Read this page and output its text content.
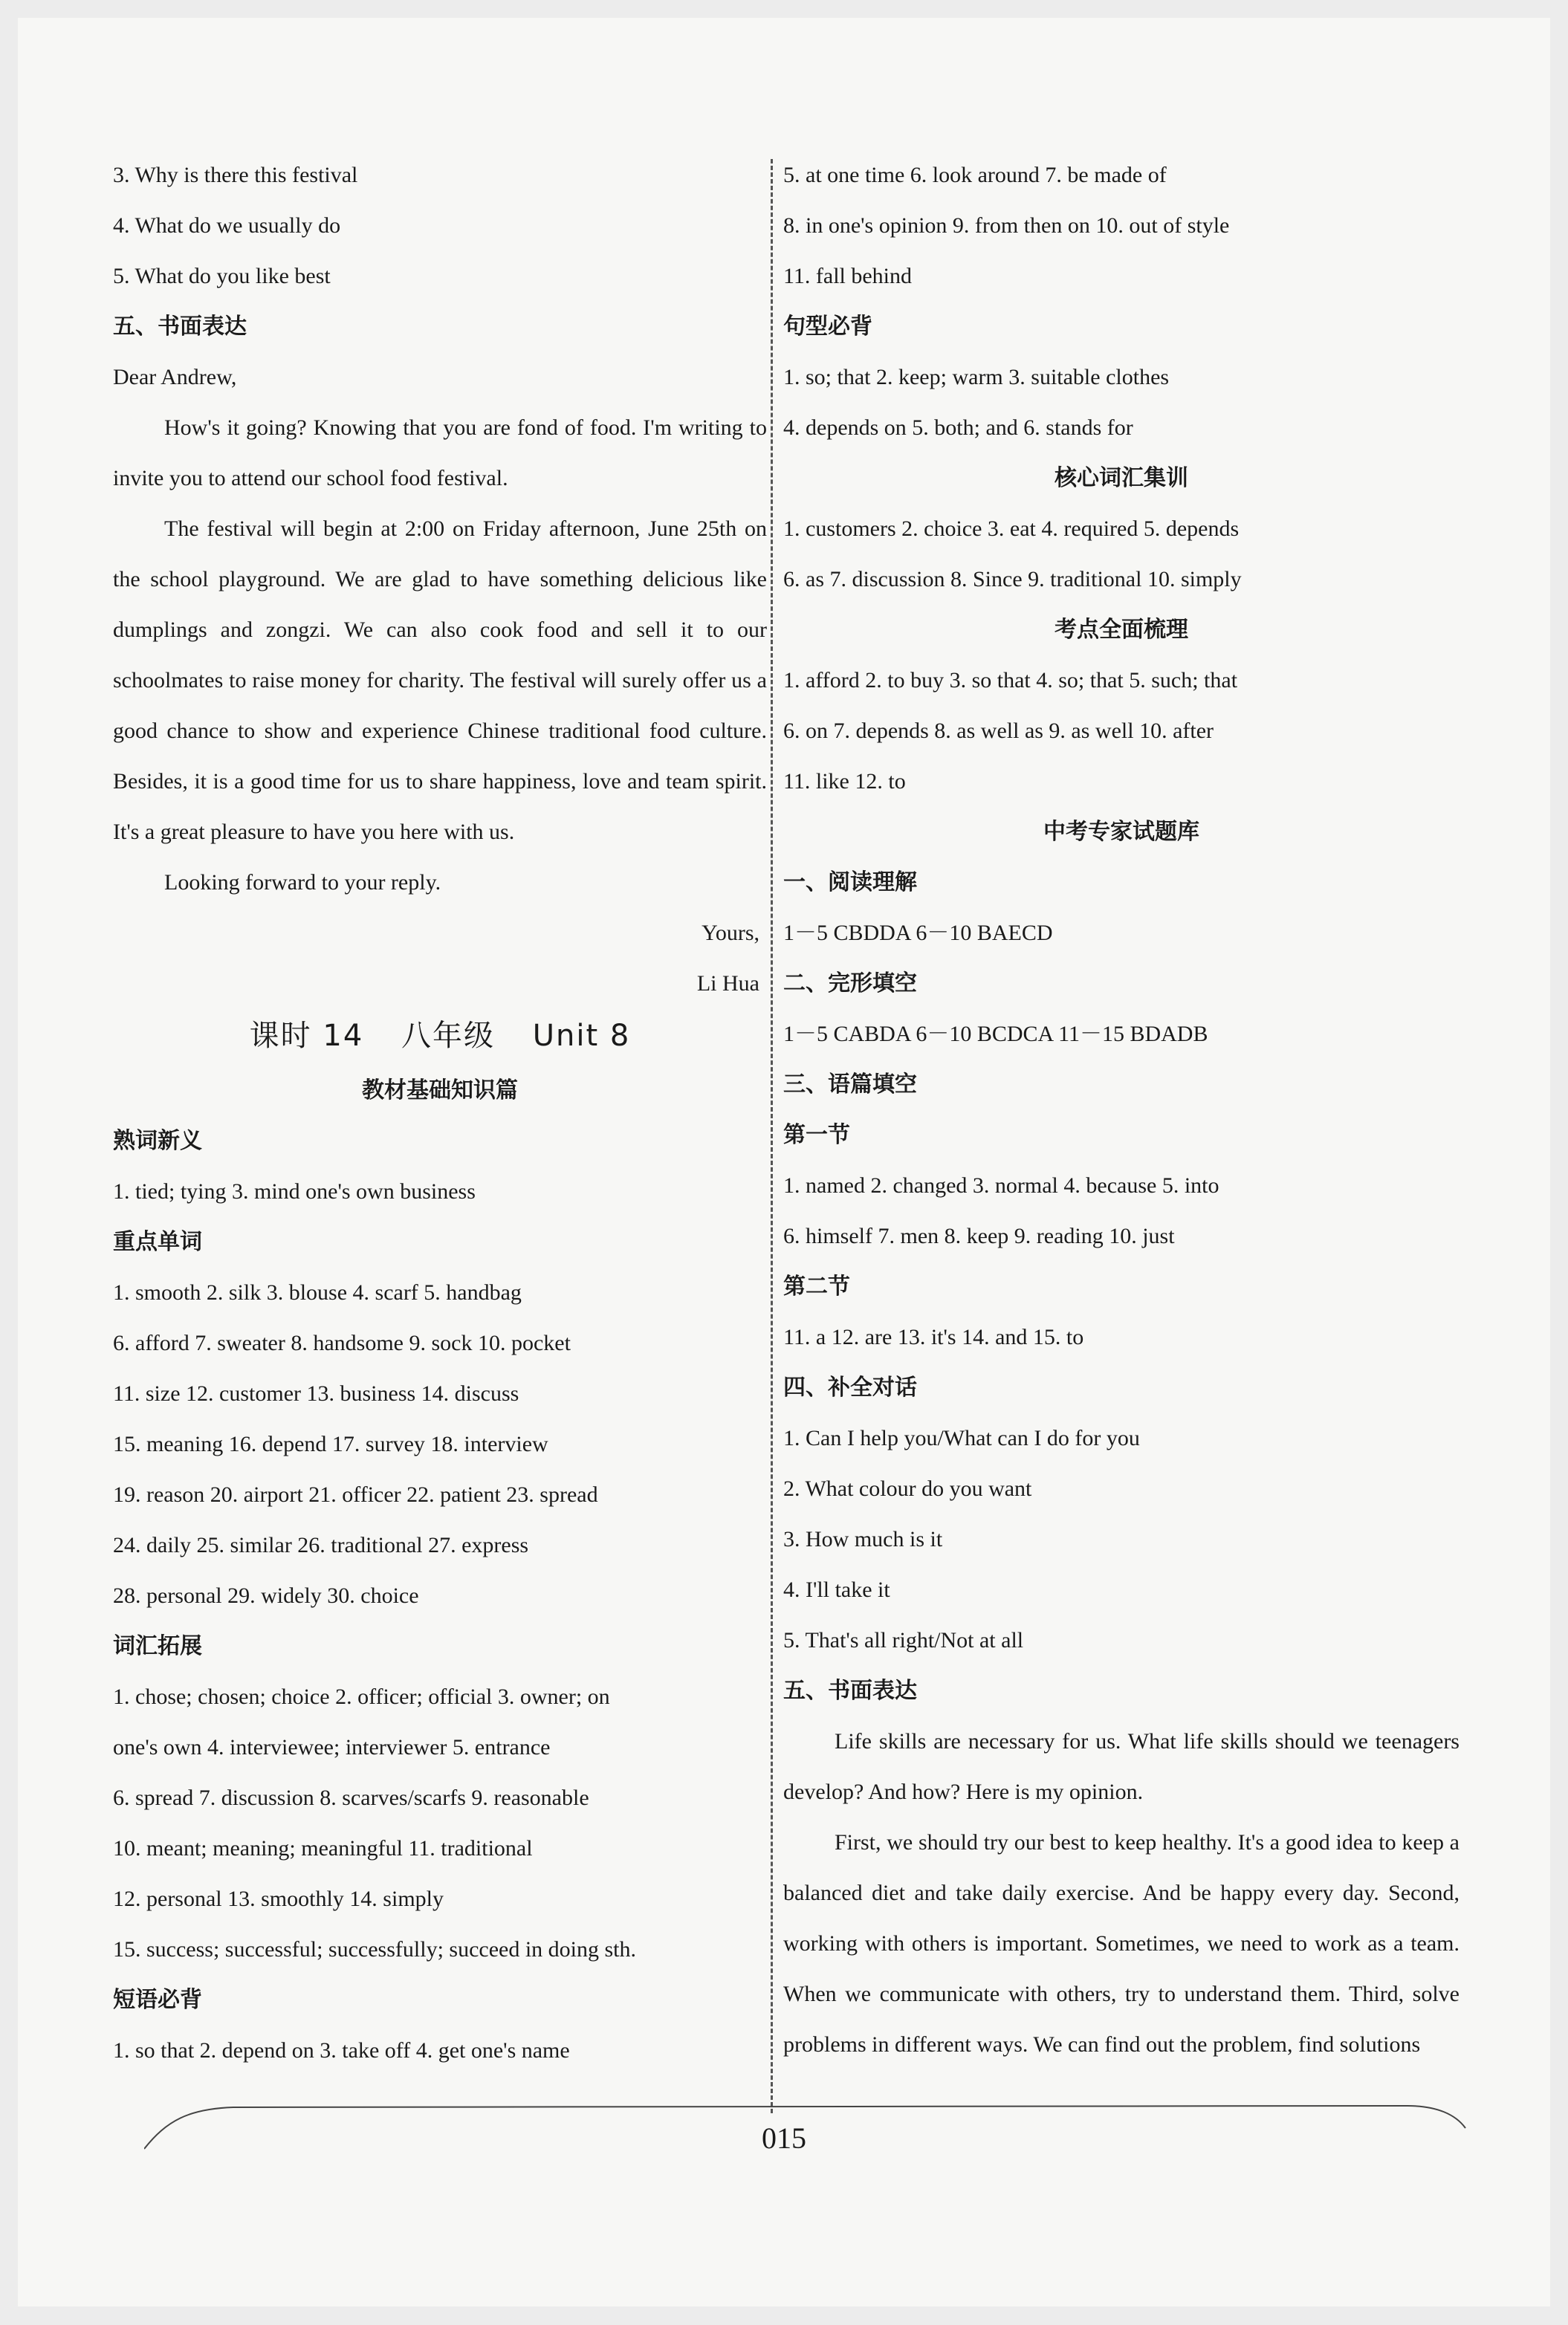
3. Why is there this festival
4. What do we usually do
5. What do you like best
五、书面表达
Dear Andrew,

How's it going? Knowing that you are fond of food. I'm writing to invite you to attend our school food festival.

The festival will begin at 2:00 on Friday afternoon, June 25th on the school playground. We are glad to have something delicious like dumplings and zongzi. We can also cook food and sell it to our schoolmates to raise money for charity. The festival will surely offer us a good chance to show and experience Chinese traditional food culture. Besides, it is a good time for us to share happiness, love and team spirit. It's a great pleasure to have you here with us.

Looking forward to your reply.

Yours,
Li Hua
课时 14 八年级 Unit 8
教材基础知识篇
熟词新义
1. tied; tying 3. mind one's own business
重点单词
1. smooth 2. silk 3. blouse 4. scarf 5. handbag
6. afford 7. sweater 8. handsome 9. sock 10. pocket
11. size 12. customer 13. business 14. discuss
15. meaning 16. depend 17. survey 18. interview
19. reason 20. airport 21. officer 22. patient 23. spread
24. daily 25. similar 26. traditional 27. express
28. personal 29. widely 30. choice
词汇拓展
1. chose; chosen; choice 2. officer; official 3. owner; on
one's own 4. interviewee; interviewer 5. entrance
6. spread 7. discussion 8. scarves/scarfs 9. reasonable
10. meant; meaning; meaningful 11. traditional
12. personal 13. smoothly 14. simply
15. success; successful; successfully; succeed in doing sth.
短语必背
1. so that 2. depend on 3. take off 4. get one's name
5. at one time 6. look around 7. be made of
8. in one's opinion 9. from then on 10. out of style
11. fall behind
句型必背
1. so; that 2. keep; warm 3. suitable clothes
4. depends on 5. both; and 6. stands for
核心词汇集训
1. customers 2. choice 3. eat 4. required 5. depends
6. as 7. discussion 8. Since 9. traditional 10. simply
考点全面梳理
1. afford 2. to buy 3. so that 4. so; that 5. such; that
6. on 7. depends 8. as well as 9. as well 10. after
11. like 12. to
中考专家试题库
一、阅读理解
1－5 CBDDA 6－10 BAECD
二、完形填空
1－5 CABDA 6－10 BCDCA 11－15 BDADB
三、语篇填空
第一节
1. named 2. changed 3. normal 4. because 5. into
6. himself 7. men 8. keep 9. reading 10. just
第二节
11. a 12. are 13. it's 14. and 15. to
四、补全对话
1. Can I help you/What can I do for you
2. What colour do you want
3. How much is it
4. I'll take it
5. That's all right/Not at all
五、书面表达

Life skills are necessary for us. What life skills should we teenagers develop? And how? Here is my opinion.

First, we should try our best to keep healthy. It's a good idea to keep a balanced diet and take daily exercise. And be happy every day. Second, working with others is important. Sometimes, we need to work as a team. When we communicate with others, try to understand them. Third, solve problems in different ways. We can find out the problem, find solutions

015
